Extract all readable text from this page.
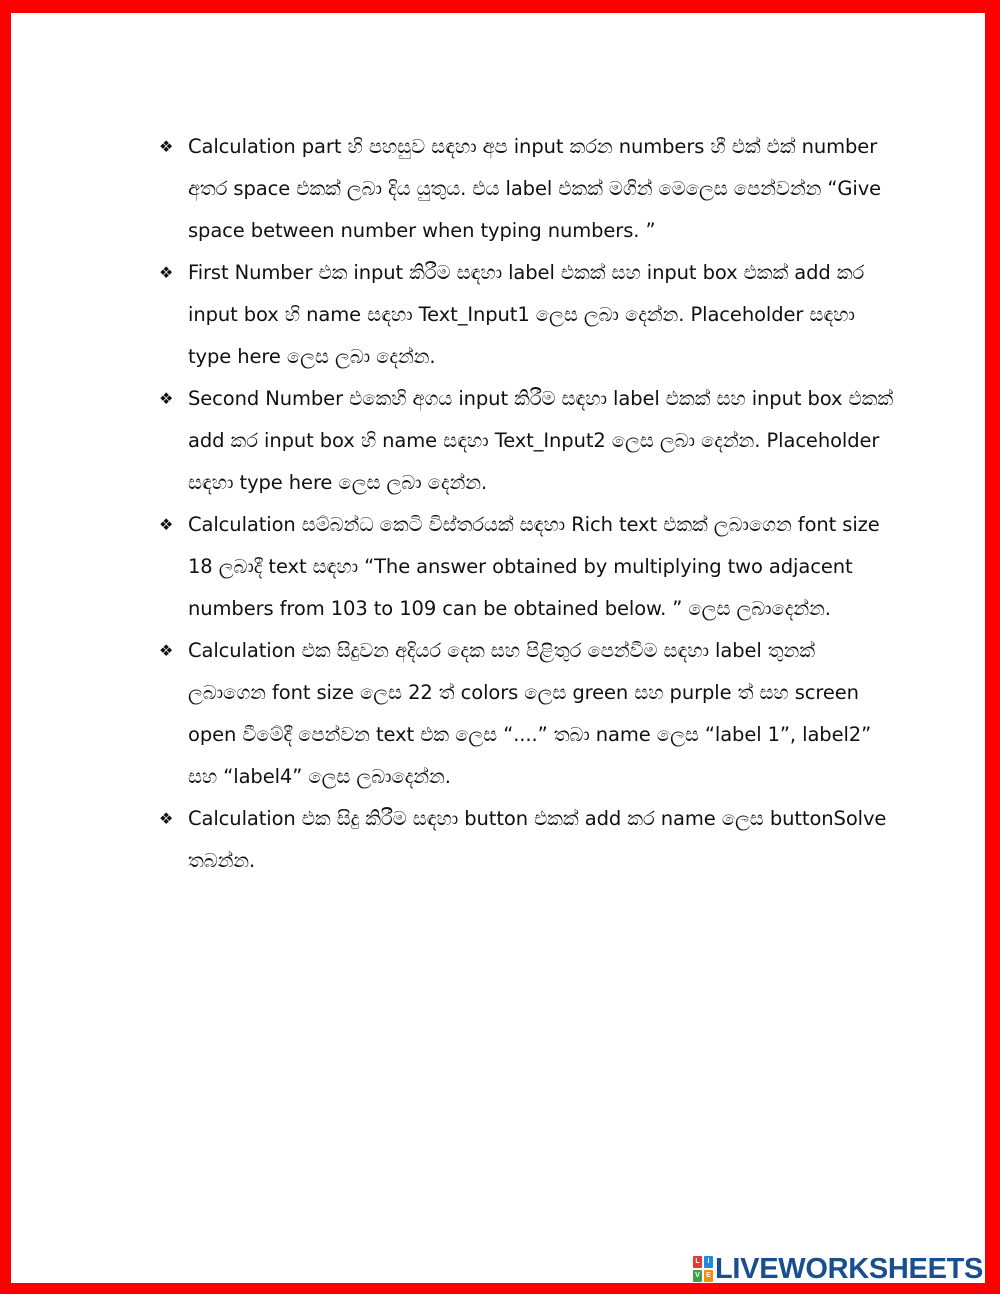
❖ Calculation part හි පහසුව සඳහා අප input කරන numbers හී එක් එක් number අතර space එකක් ලබා දිය යුතුය. එය label එකක් මගින් මෙලෙස පෙන්වන්න “Give space between number when typing numbers. ”
❖ First Number එක input කිරීම සඳහා label එකක් සහ input box එකක් add කර input box හි name සඳහා Text_Input1 ලෙස ලබා දෙන්න. Placeholder සඳහා type here ලෙස ලබා දෙන්න.
❖ Second Number එකෙහි අගය input කිරීම සඳහා label එකක් සහ input box එකක් add කර input box හි name සඳහා Text_Input2 ලෙස ලබා දෙන්න. Placeholder සඳහා type here ලෙස ලබා දෙන්න.
❖ Calculation සම්බන්ධ කෙටි විස්තරයක් සඳහා Rich text එකක් ලබාගෙන font size 18 ලබාදී text සඳහා “The answer obtained by multiplying two adjacent numbers from 103 to 109 can be obtained below. ” ලෙස ලබාදෙන්න.
❖ Calculation එක සිදුවන අදියර දෙක සහ පිළිතුර පෙන්වීම සඳහා label තුනක් ලබාගෙන font size ලෙස 22 ත් colors ලෙස green සහ purple ත් සහ screen open වීමේදී පෙන්වන text එක ලෙස “....” තබා name ලෙස “label 1”, label2” සහ “label4” ලෙස ලබාදෙන්න.
❖ Calculation එක සිදු කිරීම සඳහා button එකක් add කර name ලෙස buttonSolve තබන්න.
L	I
V E LIVEWORKSHEETS
